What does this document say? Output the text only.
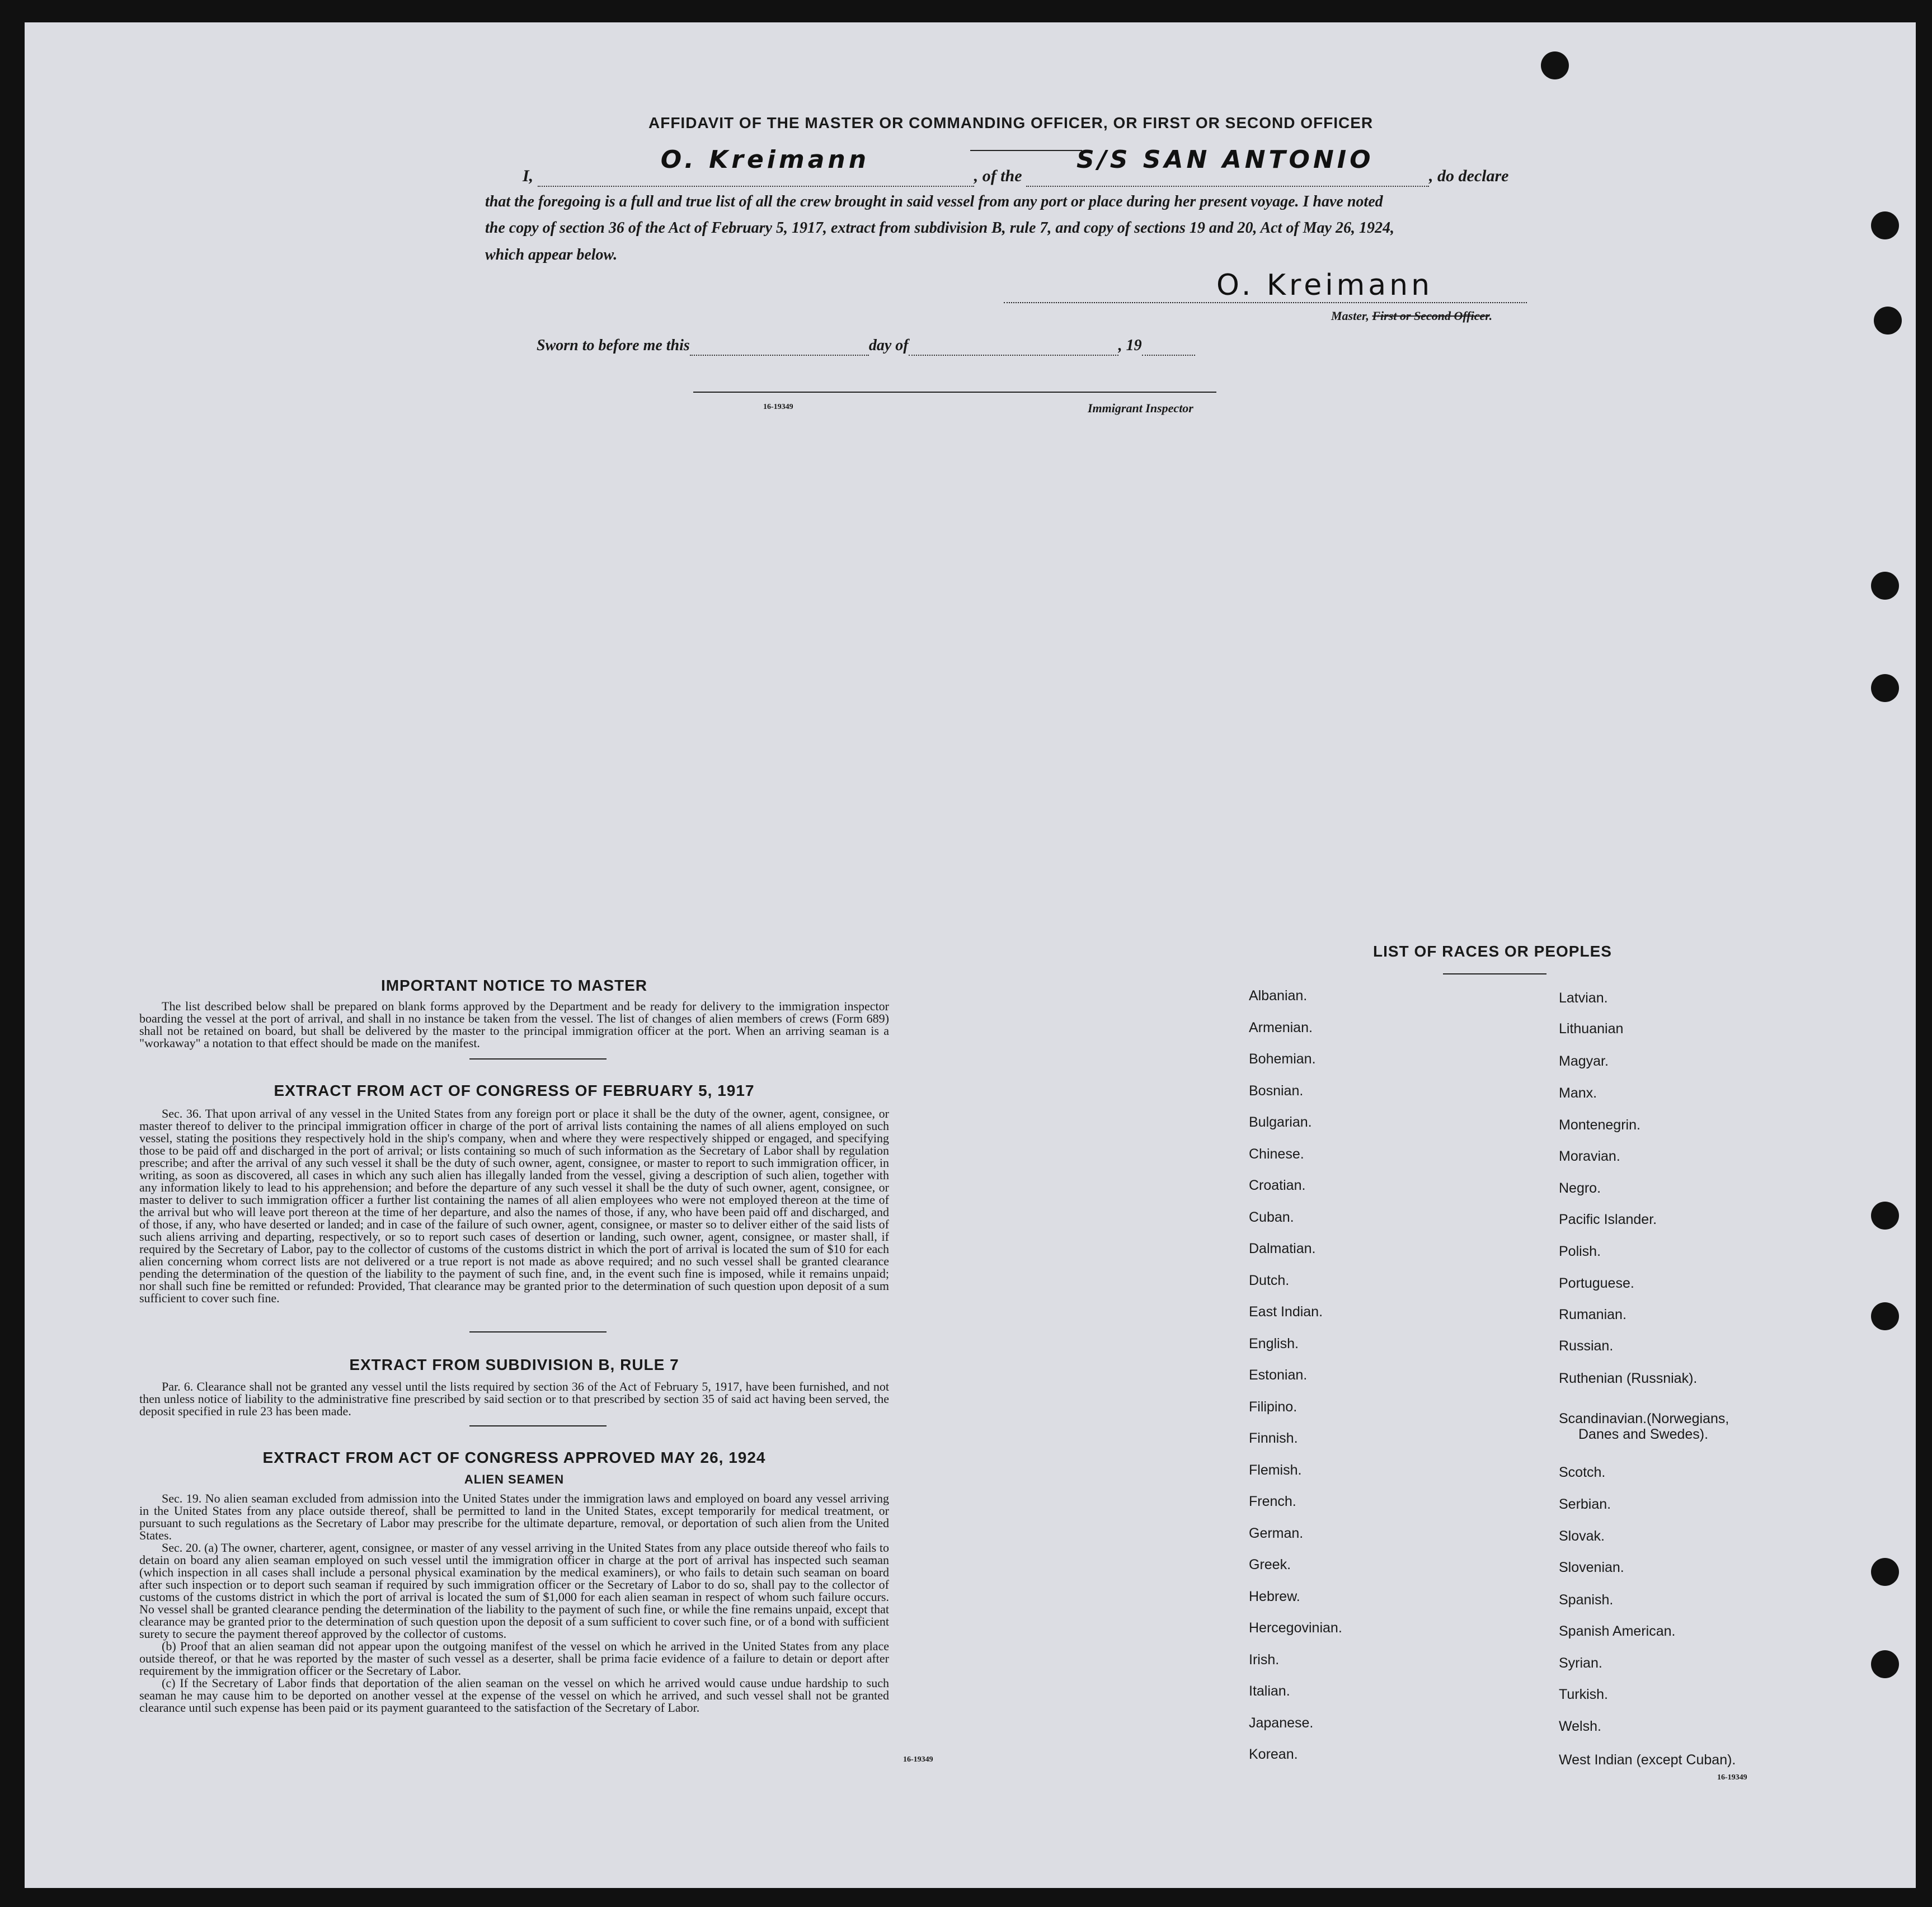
AFFIDAVIT OF THE MASTER OR COMMANDING OFFICER, OR FIRST OR SECOND OFFICER
I,
O. Kreimann
, of the
S/S SAN ANTONIO
, do declare
that the foregoing is a full and true list of all the crew brought in said vessel from any port or place during her present voyage. I have noted
the copy of section 36 of the Act of February 5, 1917, extract from subdivision B, rule 7, and copy of sections 19 and 20, Act of May 26, 1924,
which appear below.
O. Kreimann
Master, First or Second Officer.
Sworn to before me this	day of	, 19
16-19349	Immigrant Inspector
IMPORTANT NOTICE TO MASTER
The list described below shall be prepared on blank forms approved by the Department and be ready for delivery to the immigration inspector boarding the vessel at the port of arrival, and shall in no instance be taken from the vessel. The list of changes of alien members of crews (Form 689) shall not be retained on board, but shall be delivered by the master to the principal immigration officer at the port. When an arriving seaman is a "workaway" a notation to that effect should be made on the manifest.
EXTRACT FROM ACT OF CONGRESS OF FEBRUARY 5, 1917
Sec. 36. That upon arrival of any vessel in the United States from any foreign port or place it shall be the duty of the owner, agent, consignee, or master thereof to deliver to the principal immigration officer in charge of the port of arrival lists containing the names of all aliens employed on such vessel, stating the positions they respectively hold in the ship's company, when and where they were respectively shipped or engaged, and specifying those to be paid off and discharged in the port of arrival; or lists containing so much of such information as the Secretary of Labor shall by regulation prescribe; and after the arrival of any such vessel it shall be the duty of such owner, agent, consignee, or master to report to such immigration officer, in writing, as soon as discovered, all cases in which any such alien has illegally landed from the vessel, giving a description of such alien, together with any information likely to lead to his apprehension; and before the departure of any such vessel it shall be the duty of such owner, agent, consignee, or master to deliver to such immigration officer a further list containing the names of all alien employees who were not employed thereon at the time of the arrival but who will leave port thereon at the time of her departure, and also the names of those, if any, who have been paid off and discharged, and of those, if any, who have deserted or landed; and in case of the failure of such owner, agent, consignee, or master so to deliver either of the said lists of such aliens arriving and departing, respectively, or so to report such cases of desertion or landing, such owner, agent, consignee, or master shall, if required by the Secretary of Labor, pay to the collector of customs of the customs district in which the port of arrival is located the sum of $10 for each alien concerning whom correct lists are not delivered or a true report is not made as above required; and no such vessel shall be granted clearance pending the determination of the question of the liability to the payment of such fine, and, in the event such fine is imposed, while it remains unpaid; nor shall such fine be remitted or refunded: Provided, That clearance may be granted prior to the determination of such question upon deposit of a sum sufficient to cover such fine.
EXTRACT FROM SUBDIVISION B, RULE 7
Par. 6. Clearance shall not be granted any vessel until the lists required by section 36 of the Act of February 5, 1917, have been furnished, and not then unless notice of liability to the administrative fine prescribed by said section or to that prescribed by section 35 of said act having been served, the deposit specified in rule 23 has been made.
EXTRACT FROM ACT OF CONGRESS APPROVED MAY 26, 1924
ALIEN SEAMEN
Sec. 19. No alien seaman excluded from admission into the United States under the immigration laws and employed on board any vessel arriving in the United States from any place outside thereof, shall be permitted to land in the United States, except temporarily for medical treatment, or pursuant to such regulations as the Secretary of Labor may prescribe for the ultimate departure, removal, or deportation of such alien from the United States.
Sec. 20. (a) The owner, charterer, agent, consignee, or master of any vessel arriving in the United States from any place outside thereof who fails to detain on board any alien seaman employed on such vessel until the immigration officer in charge at the port of arrival has inspected such seaman (which inspection in all cases shall include a personal physical examination by the medical examiners), or who fails to detain such seaman on board after such inspection or to deport such seaman if required by such immigration officer or the Secretary of Labor to do so, shall pay to the collector of customs of the customs district in which the port of arrival is located the sum of $1,000 for each alien seaman in respect of whom such failure occurs. No vessel shall be granted clearance pending the determination of the liability to the payment of such fine, or while the fine remains unpaid, except that clearance may be granted prior to the determination of such question upon the deposit of a sum sufficient to cover such fine, or of a bond with sufficient surety to secure the payment thereof approved by the collector of customs.
(b) Proof that an alien seaman did not appear upon the outgoing manifest of the vessel on which he arrived in the United States from any place outside thereof, or that he was reported by the master of such vessel as a deserter, shall be prima facie evidence of a failure to detain or deport after requirement by the immigration officer or the Secretary of Labor.
(c) If the Secretary of Labor finds that deportation of the alien seaman on the vessel on which he arrived would cause undue hardship to such seaman he may cause him to be deported on another vessel at the expense of the vessel on which he arrived, and such vessel shall not be granted clearance until such expense has been paid or its payment guaranteed to the satisfaction of the Secretary of Labor.
16-19349
LIST OF RACES OR PEOPLES
16-19349
Albanian.
Armenian.
Bohemian.
Bosnian.
Bulgarian.
Chinese.
Croatian.
Cuban.
Dalmatian.
Dutch.
East Indian.
English.
Estonian.
Filipino.
Finnish.
Flemish.
French.
German.
Greek.
Hebrew.
Hercegovinian.
Irish.
Italian.
Japanese.
Korean.
Latvian.
Lithuanian
Magyar.
Manx.
Montenegrin.
Moravian.
Negro.
Pacific Islander.
Polish.
Portuguese.
Rumanian.
Russian.
Ruthenian (Russniak).
Scandinavian.(Norwegians,
Danes and Swedes).
Scotch.
Serbian.
Slovak.
Slovenian.
Spanish.
Spanish American.
Syrian.
Turkish.
Welsh.
West Indian (except Cuban).
